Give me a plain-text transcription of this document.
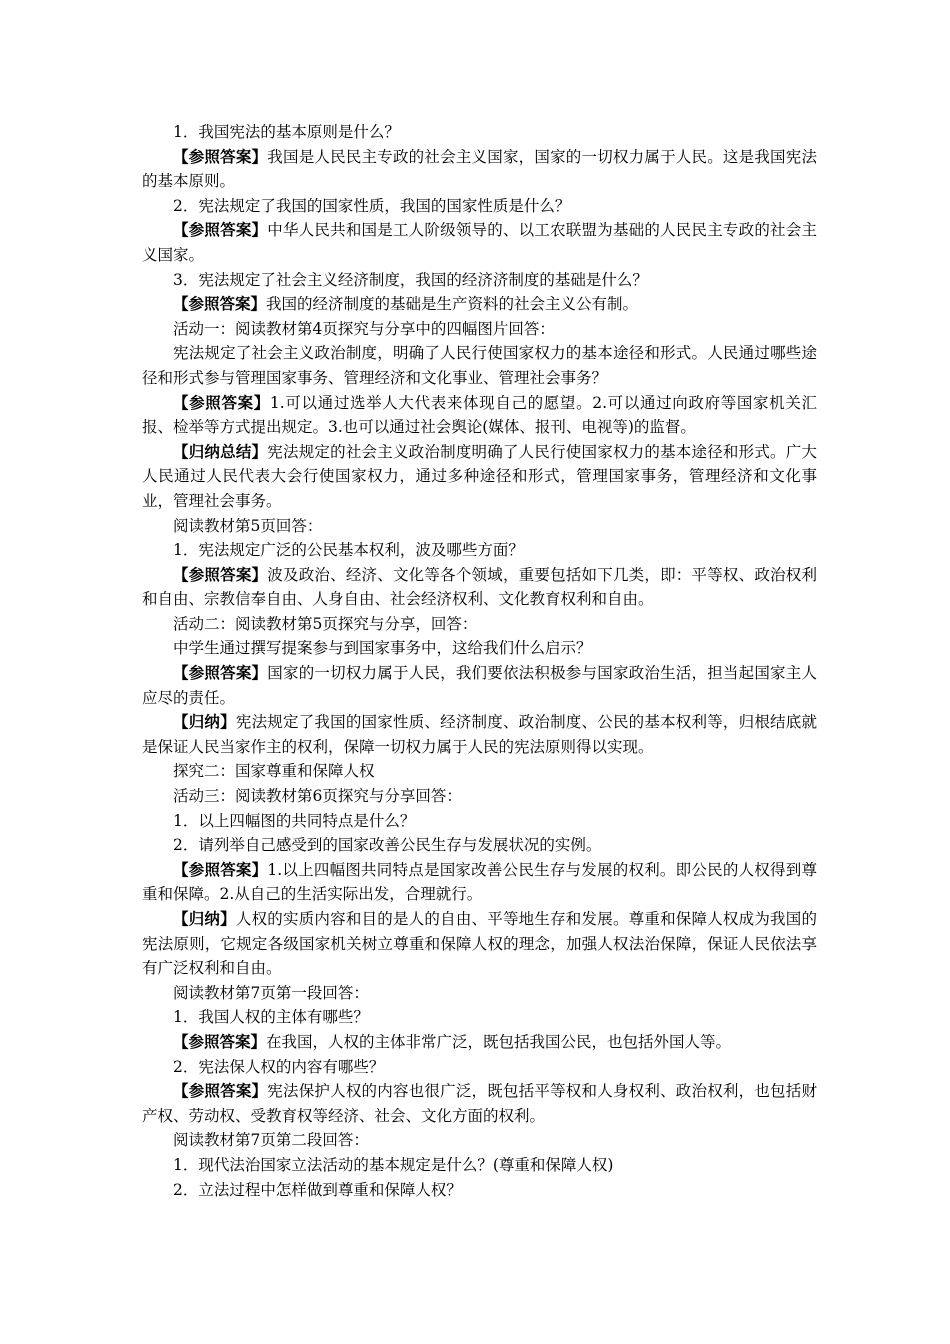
1．我国宪法的基本原则是什么？

【参照答案】我国是人民民主专政的社会主义国家，国家的一切权力属于人民。这是我国宪法的基本原则。

2．宪法规定了我国的国家性质，我国的国家性质是什么？

【参照答案】中华人民共和国是工人阶级领导的、以工农联盟为基础的人民民主专政的社会主义国家。

3．宪法规定了社会主义经济制度，我国的经济济制度的基础是什么？

【参照答案】我国的经济制度的基础是生产资料的社会主义公有制。

活动一：阅读教材第4页探究与分享中的四幅图片回答：

宪法规定了社会主义政治制度，明确了人民行使国家权力的基本途径和形式。人民通过哪些途径和形式参与管理国家事务、管理经济和文化事业、管理社会事务？

【参照答案】1.可以通过选举人大代表来体现自己的愿望。2.可以通过向政府等国家机关汇报、检举等方式提出规定。3.也可以通过社会舆论(媒体、报刊、电视等)的监督。

【归纳总结】宪法规定的社会主义政治制度明确了人民行使国家权力的基本途径和形式。广大人民通过人民代表大会行使国家权力，通过多种途径和形式，管理国家事务，管理经济和文化事业，管理社会事务。

阅读教材第5页回答：

1．宪法规定广泛的公民基本权利，波及哪些方面？

【参照答案】波及政治、经济、文化等各个领域，重要包括如下几类，即：平等权、政治权利和自由、宗教信奉自由、人身自由、社会经济权利、文化教育权利和自由。

活动二：阅读教材第5页探究与分享，回答：

中学生通过撰写提案参与到国家事务中，这给我们什么启示？

【参照答案】国家的一切权力属于人民，我们要依法积极参与国家政治生活，担当起国家主人应尽的责任。

【归纳】宪法规定了我国的国家性质、经济制度、政治制度、公民的基本权利等，归根结底就是保证人民当家作主的权利，保障一切权力属于人民的宪法原则得以实现。

探究二：国家尊重和保障人权

活动三：阅读教材第6页探究与分享回答：

1．以上四幅图的共同特点是什么？

2．请列举自己感受到的国家改善公民生存与发展状况的实例。

【参照答案】1.以上四幅图共同特点是国家改善公民生存与发展的权利。即公民的人权得到尊重和保障。2.从自己的生活实际出发，合理就行。

【归纳】人权的实质内容和目的是人的自由、平等地生存和发展。尊重和保障人权成为我国的宪法原则，它规定各级国家机关树立尊重和保障人权的理念，加强人权法治保障，保证人民依法享有广泛权利和自由。

阅读教材第7页第一段回答：

1．我国人权的主体有哪些？

【参照答案】在我国，人权的主体非常广泛，既包括我国公民，也包括外国人等。

2．宪法保人权的内容有哪些？

【参照答案】宪法保护人权的内容也很广泛，既包括平等权和人身权利、政治权利，也包括财产权、劳动权、受教育权等经济、社会、文化方面的权利。

阅读教材第7页第二段回答：

1．现代法治国家立法活动的基本规定是什么？(尊重和保障人权)

2．立法过程中怎样做到尊重和保障人权？
